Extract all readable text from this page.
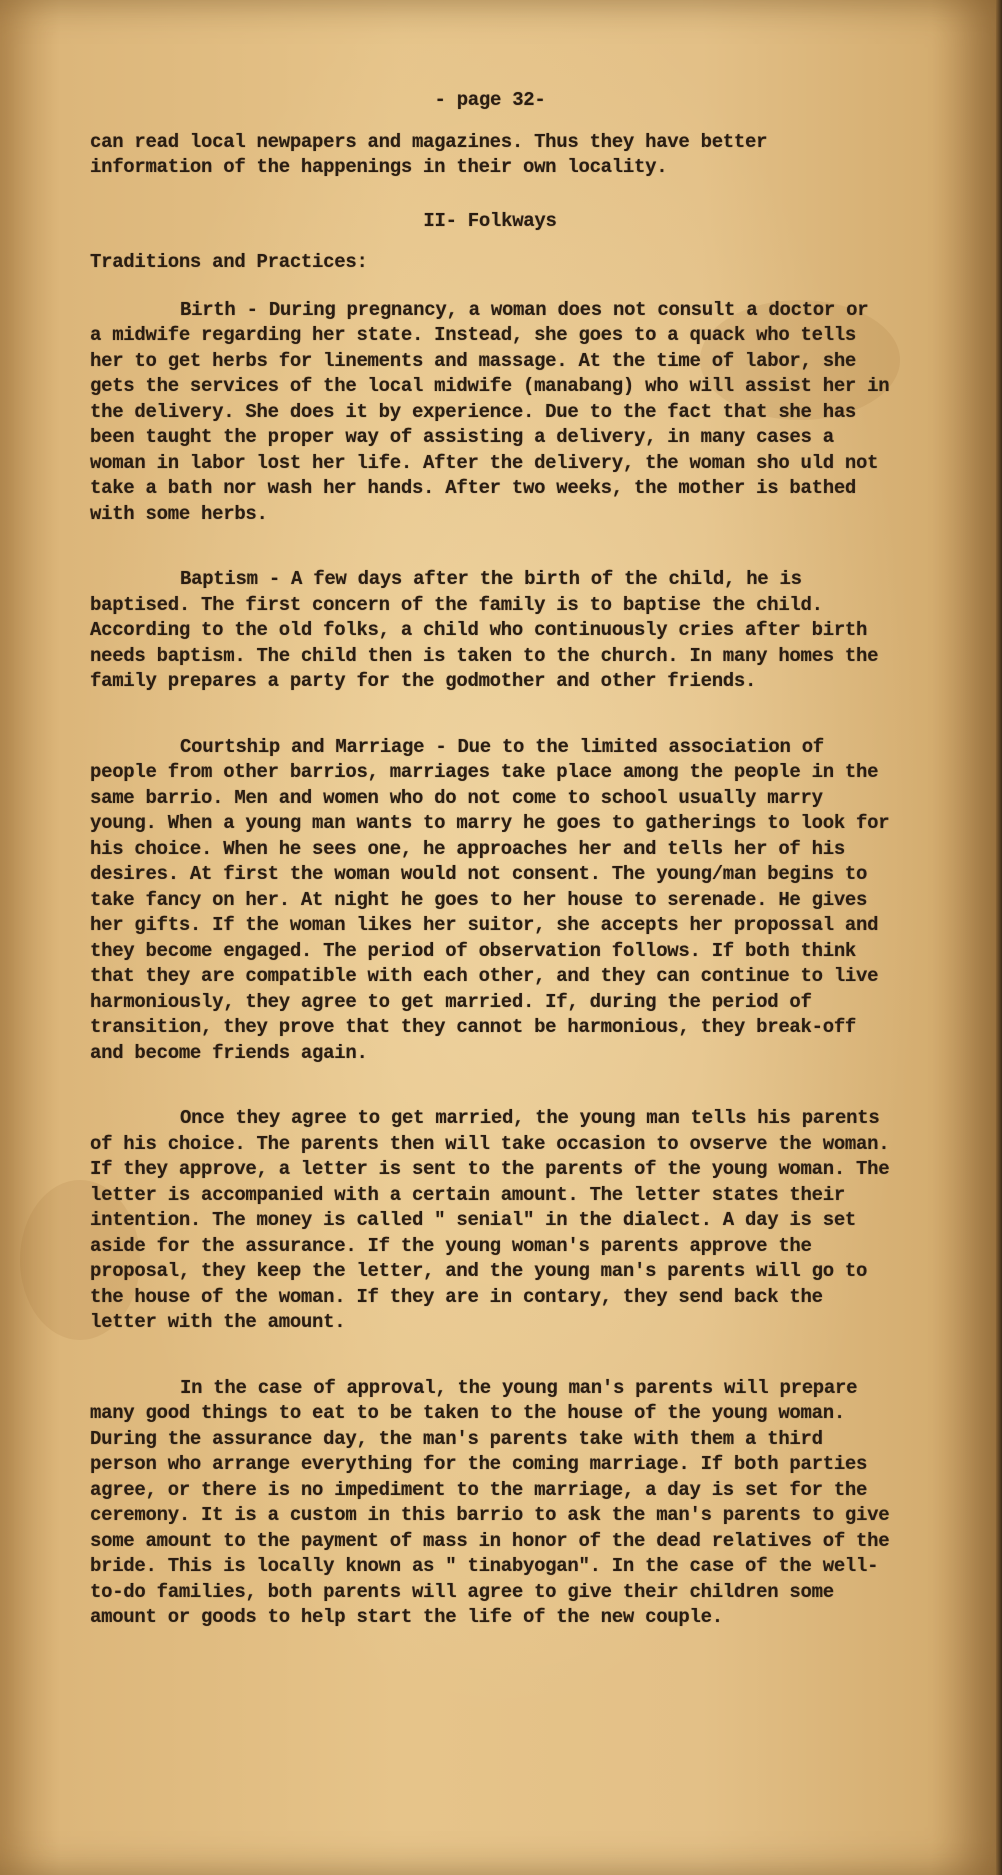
- page 32-

can read local newpapers and magazines. Thus they have better information of the happenings in their own locality.

II- Folkways
Traditions and Practices:

Birth - During pregnancy, a woman does not consult a doctor or a midwife regarding her state. Instead, she goes to a quack who tells her to get herbs for linements and massage. At the time of labor, she gets the services of the local midwife (manabang) who will assist her in the delivery. She does it by experience. Due to the fact that she has been taught the proper way of assisting a delivery, in many cases a woman in labor lost her life. After the delivery, the woman sho uld not take a bath nor wash her hands. After two weeks, the mother is bathed with some herbs.

Baptism - A few days after the birth of the child, he is baptised. The first concern of the family is to baptise the child. According to the old folks, a child who continuously cries after birth needs baptism. The child then is taken to the church. In many homes the family prepares a party for the godmother and other friends.

Courtship and Marriage - Due to the limited association of people from other barrios, marriages take place among the people in the same barrio. Men and women who do not come to school usually marry young. When a young man wants to marry he goes to gatherings to look for his choice. When he sees one, he approaches her and tells her of his desires. At first the woman would not consent. The young/man begins to take fancy on her. At night he goes to her house to serenade. He gives her gifts. If the woman likes her suitor, she accepts her propossal and they become engaged. The period of observation follows. If both think that they are compatible with each other, and they can continue to live harmoniously, they agree to get married. If, during the period of transition, they prove that they cannot be harmonious, they break-off and become friends again.

Once they agree to get married, the young man tells his parents of his choice. The parents then will take occasion to ovserve the woman. If they approve, a letter is sent to the parents of the young woman. The letter is accompanied with a certain amount. The letter states their intention. The money is called " senial" in the dialect. A day is set aside for the assurance. If the young woman's parents approve the proposal, they keep the letter, and the young man's parents will go to the house of the woman. If they are in contary, they send back the letter with the amount.

In the case of approval, the young man's parents will prepare many good things to eat to be taken to the house of the young woman. During the assurance day, the man's parents take with them a third person who arrange everything for the coming marriage. If both parties agree, or there is no impediment to the marriage, a day is set for the ceremony. It is a custom in this barrio to ask the man's parents to give some amount to the payment of mass in honor of the dead relatives of the bride. This is locally known as " tinabyogan". In the case of the well- to-do families, both parents will agree to give their children some amount or goods to help start the life of the new couple.
